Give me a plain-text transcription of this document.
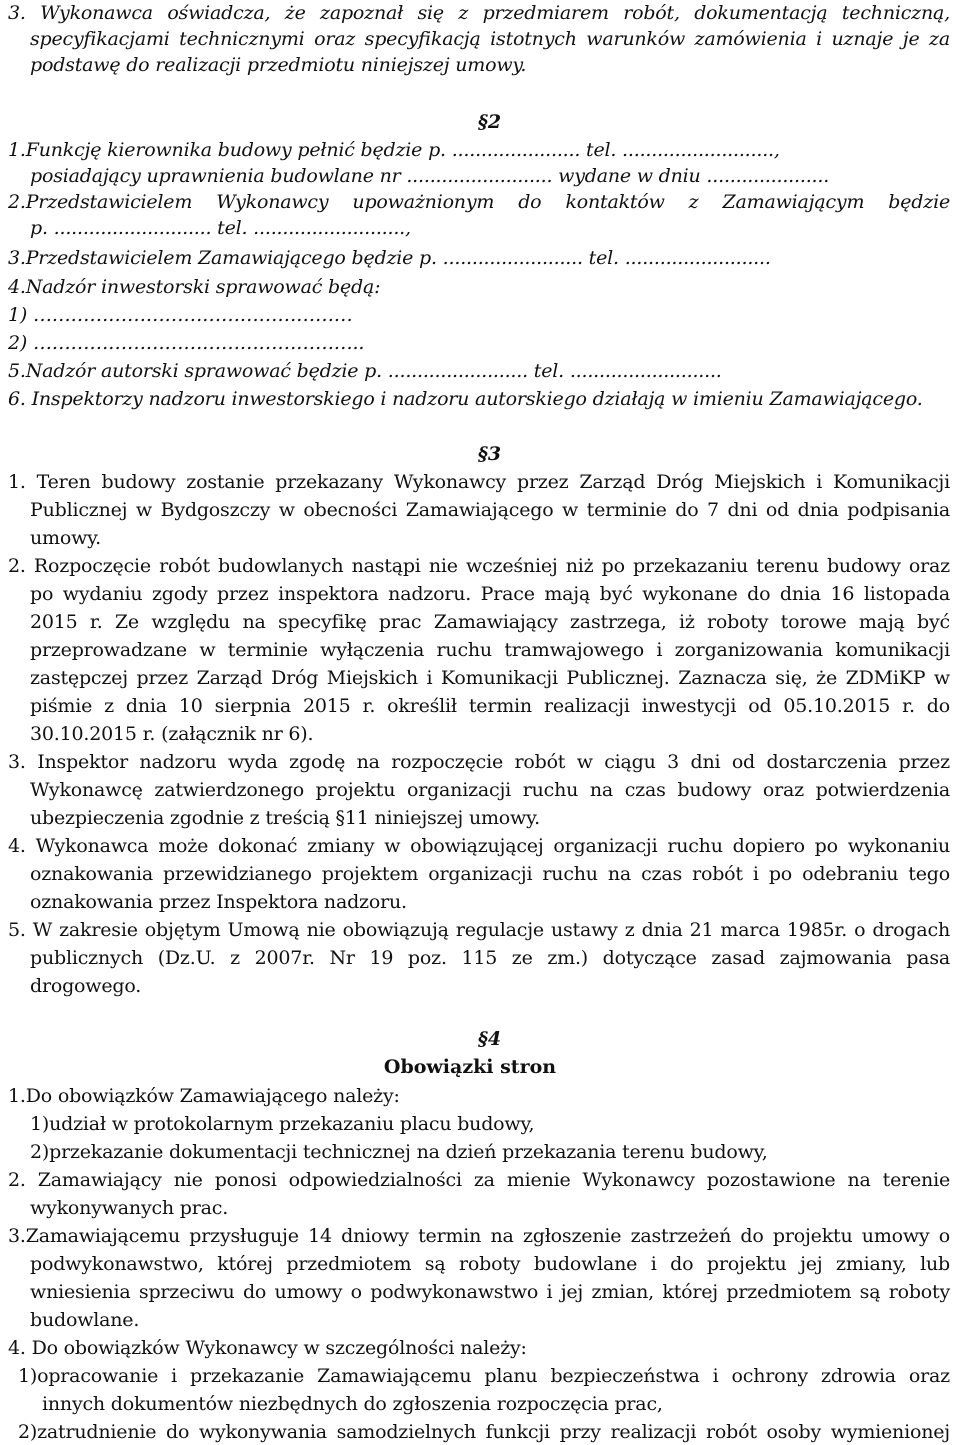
3. Wykonawca oświadcza, że zapoznał się z przedmiarem robót, dokumentacją techniczną,
specyfikacjami technicznymi oraz specyfikacją istotnych warunków zamówienia i uznaje je za
podstawę do realizacji przedmiotu niniejszej umowy.
§2
1.Funkcję kierownika budowy pełnić będzie p. ...................... tel. ..........................,
posiadający uprawnienia budowlane nr ......................... wydane w dniu .....................
2.Przedstawicielem Wykonawcy upoważnionym do kontaktów z Zamawiającym będzie
p. ........................... tel. ..........................,
3.Przedstawicielem Zamawiającego będzie p. ........................ tel. .........................
4.Nadzór inwestorski sprawować będą:
1) ……………………………………………
2) ……………………………………………..
5.Nadzór autorski sprawować będzie p. ........................ tel. ..........................
6. Inspektorzy nadzoru inwestorskiego i nadzoru autorskiego działają w imieniu Zamawiającego.
§3
1. Teren budowy zostanie przekazany Wykonawcy przez Zarząd Dróg Miejskich i Komunikacji
Publicznej w Bydgoszczy w obecności Zamawiającego w terminie do 7 dni od dnia podpisania
umowy.
2. Rozpoczęcie robót budowlanych nastąpi nie wcześniej niż po przekazaniu terenu budowy oraz
po wydaniu zgody przez inspektora nadzoru. Prace mają być wykonane do dnia 16 listopada
2015 r. Ze względu na specyfikę prac Zamawiający zastrzega, iż roboty torowe mają być
przeprowadzane w terminie wyłączenia ruchu tramwajowego i zorganizowania komunikacji
zastępczej przez Zarząd Dróg Miejskich i Komunikacji Publicznej. Zaznacza się, że ZDMiKP w
piśmie z dnia 10 sierpnia 2015 r. określił termin realizacji inwestycji od 05.10.2015 r. do
30.10.2015 r. (załącznik nr 6).
3. Inspektor nadzoru wyda zgodę na rozpoczęcie robót w ciągu 3 dni od dostarczenia przez
Wykonawcę zatwierdzonego projektu organizacji ruchu na czas budowy oraz potwierdzenia
ubezpieczenia zgodnie z treścią §11 niniejszej umowy.
4. Wykonawca może dokonać zmiany w obowiązującej organizacji ruchu dopiero po wykonaniu
oznakowania przewidzianego projektem organizacji ruchu na czas robót i po odebraniu tego
oznakowania przez Inspektora nadzoru.
5. W zakresie objętym Umową nie obowiązują regulacje ustawy z dnia 21 marca 1985r. o drogach
publicznych (Dz.U. z 2007r. Nr 19 poz. 115 ze zm.) dotyczące zasad zajmowania pasa
drogowego.
§4
Obowiązki stron
1.Do obowiązków Zamawiającego należy:
1)udział w protokolarnym przekazaniu placu budowy,
2)przekazanie dokumentacji technicznej na dzień przekazania terenu budowy,
2. Zamawiający nie ponosi odpowiedzialności za mienie Wykonawcy pozostawione na terenie
wykonywanych prac.
3.Zamawiającemu przysługuje 14 dniowy termin na zgłoszenie zastrzeżeń do projektu umowy o
podwykonawstwo, której przedmiotem są roboty budowlane i do projektu jej zmiany, lub
wniesienia sprzeciwu do umowy o podwykonawstwo i jej zmian, której przedmiotem są roboty
budowlane.
4. Do obowiązków Wykonawcy w szczególności należy:
1)opracowanie i przekazanie Zamawiającemu planu bezpieczeństwa i ochrony zdrowia oraz
innych dokumentów niezbędnych do zgłoszenia rozpoczęcia prac,
2)zatrudnienie do wykonywania samodzielnych funkcji przy realizacji robót osoby wymienionej
